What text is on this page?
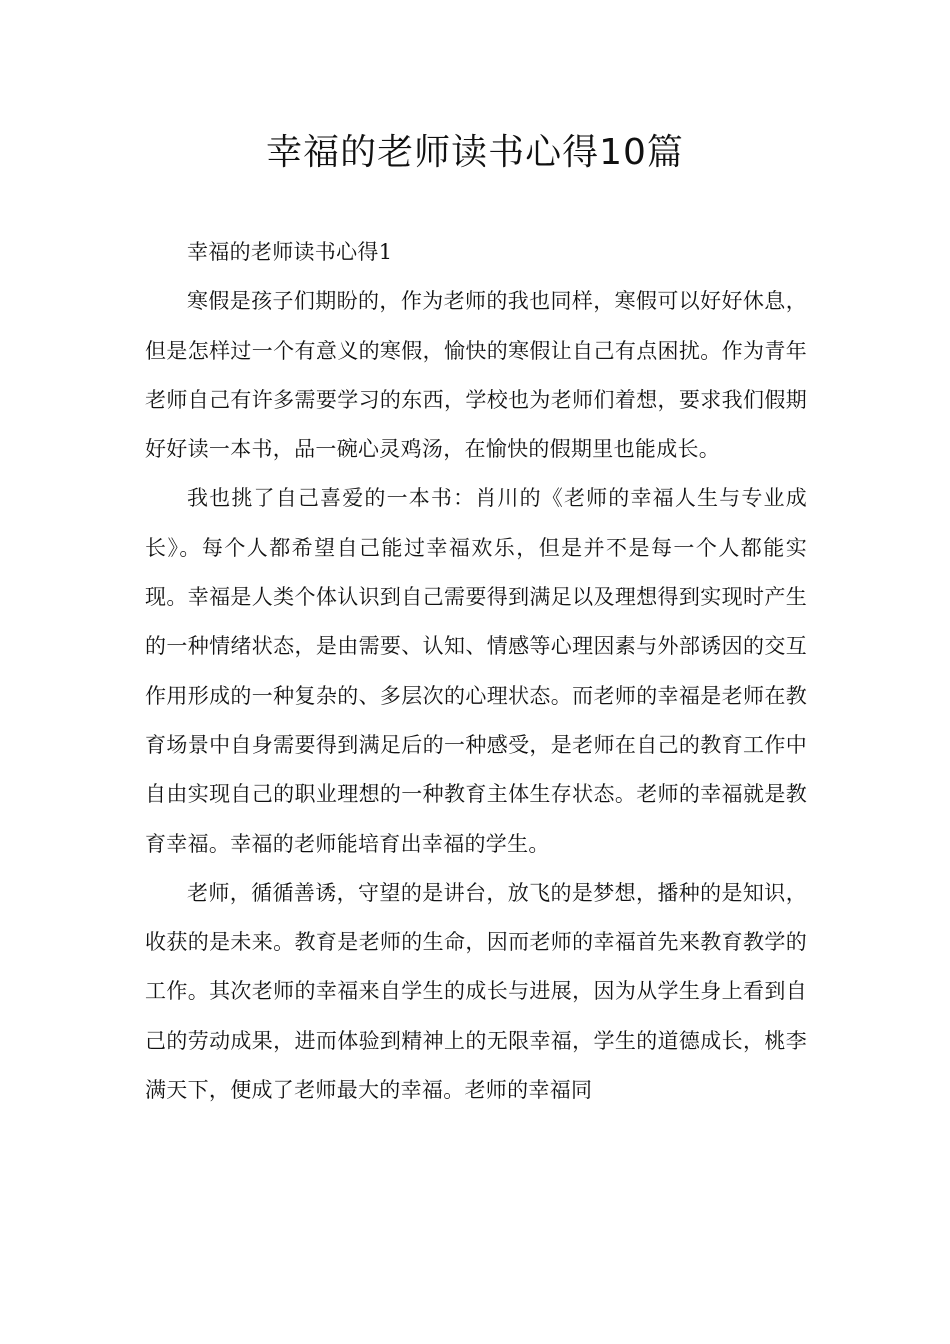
幸福的老师读书心得10篇

幸福的老师读书心得1

寒假是孩子们期盼的，作为老师的我也同样，寒假可以好好休息，但是怎样过一个有意义的寒假，愉快的寒假让自己有点困扰。作为青年老师自己有许多需要学习的东西，学校也为老师们着想，要求我们假期好好读一本书，品一碗心灵鸡汤，在愉快的假期里也能成长。

我也挑了自己喜爱的一本书：肖川的《老师的幸福人生与专业成长》。每个人都希望自己能过幸福欢乐，但是并不是每一个人都能实现。幸福是人类个体认识到自己需要得到满足以及理想得到实现时产生的一种情绪状态，是由需要、认知、情感等心理因素与外部诱因的交互作用形成的一种复杂的、多层次的心理状态。而老师的幸福是老师在教育场景中自身需要得到满足后的一种感受，是老师在自己的教育工作中自由实现自己的职业理想的一种教育主体生存状态。老师的幸福就是教育幸福。幸福的老师能培育出幸福的学生。

老师，循循善诱，守望的是讲台，放飞的是梦想，播种的是知识，收获的是未来。教育是老师的生命，因而老师的幸福首先来教育教学的工作。其次老师的幸福来自学生的成长与进展，因为从学生身上看到自己的劳动成果，进而体验到精神上的无限幸福，学生的道德成长，桃李满天下，便成了老师最大的幸福。老师的幸福同
